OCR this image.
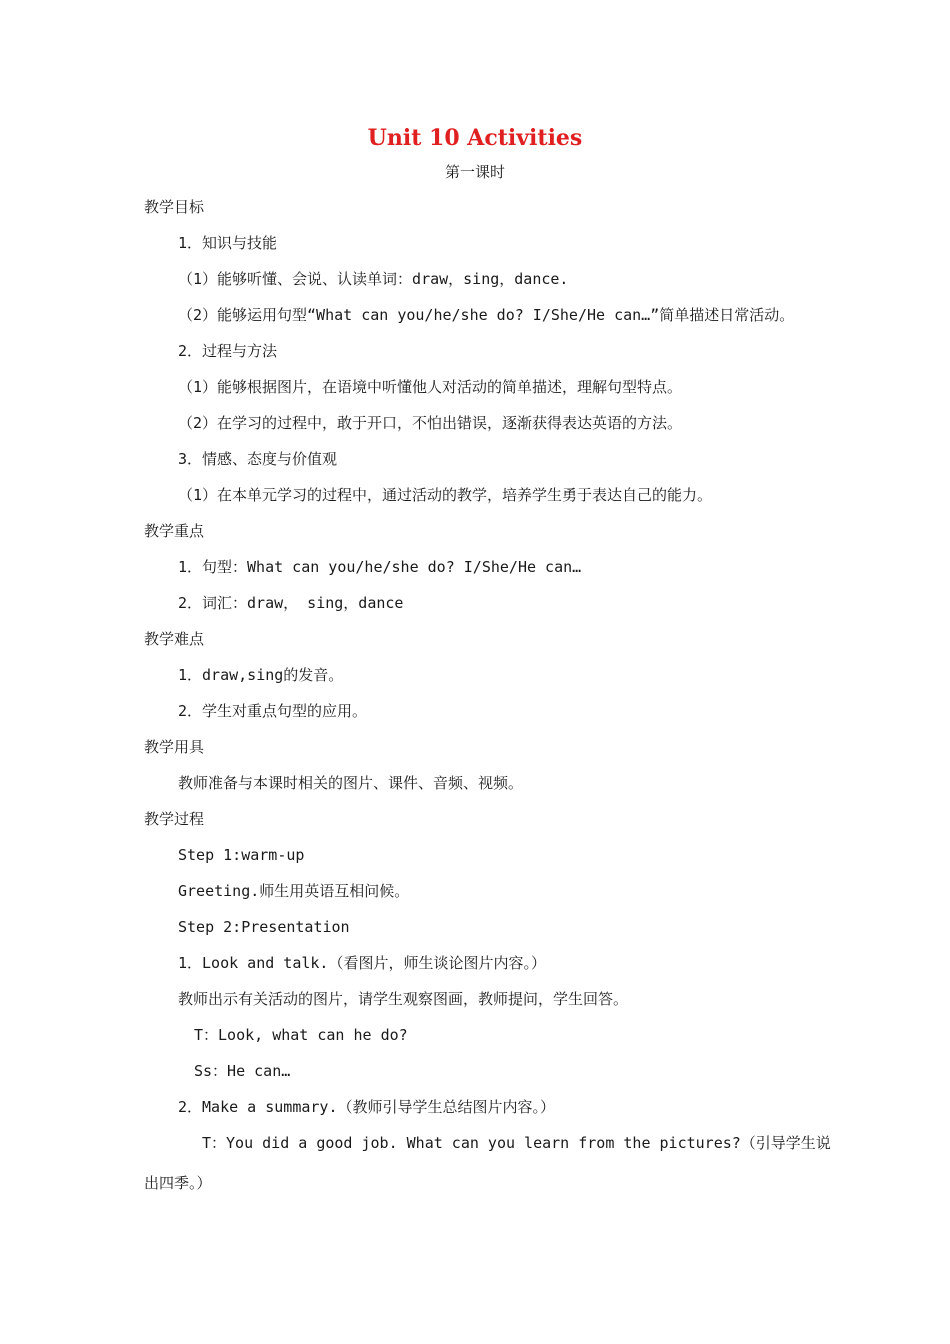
Unit 10 Activities
第一课时
教学目标
1．知识与技能
（1）能够听懂、会说、认读单词：draw，sing，dance.
（2）能够运用句型“What can you/he/she do? I/She/He can…”简单描述日常活动。
2．过程与方法
（1）能够根据图片，在语境中听懂他人对活动的简单描述，理解句型特点。
（2）在学习的过程中，敢于开口，不怕出错误，逐渐获得表达英语的方法。
3．情感、态度与价值观
（1）在本单元学习的过程中，通过活动的教学，培养学生勇于表达自己的能力。
教学重点
1．句型：What can you/he/she do? I/She/He can…
2．词汇：draw， sing，dance
教学难点
1．draw,sing的发音。
2．学生对重点句型的应用。
教学用具
教师准备与本课时相关的图片、课件、音频、视频。
教学过程
Step 1:warm-up
Greeting.师生用英语互相问候。
Step 2:Presentation
1．Look and talk.（看图片，师生谈论图片内容。）
教师出示有关活动的图片，请学生观察图画，教师提问，学生回答。
T：Look, what can he do?
Ss：He can…
2．Make a summary.（教师引导学生总结图片内容。）
T：You did a good job. What can you learn from the pictures?（引导学生说
出四季。）
